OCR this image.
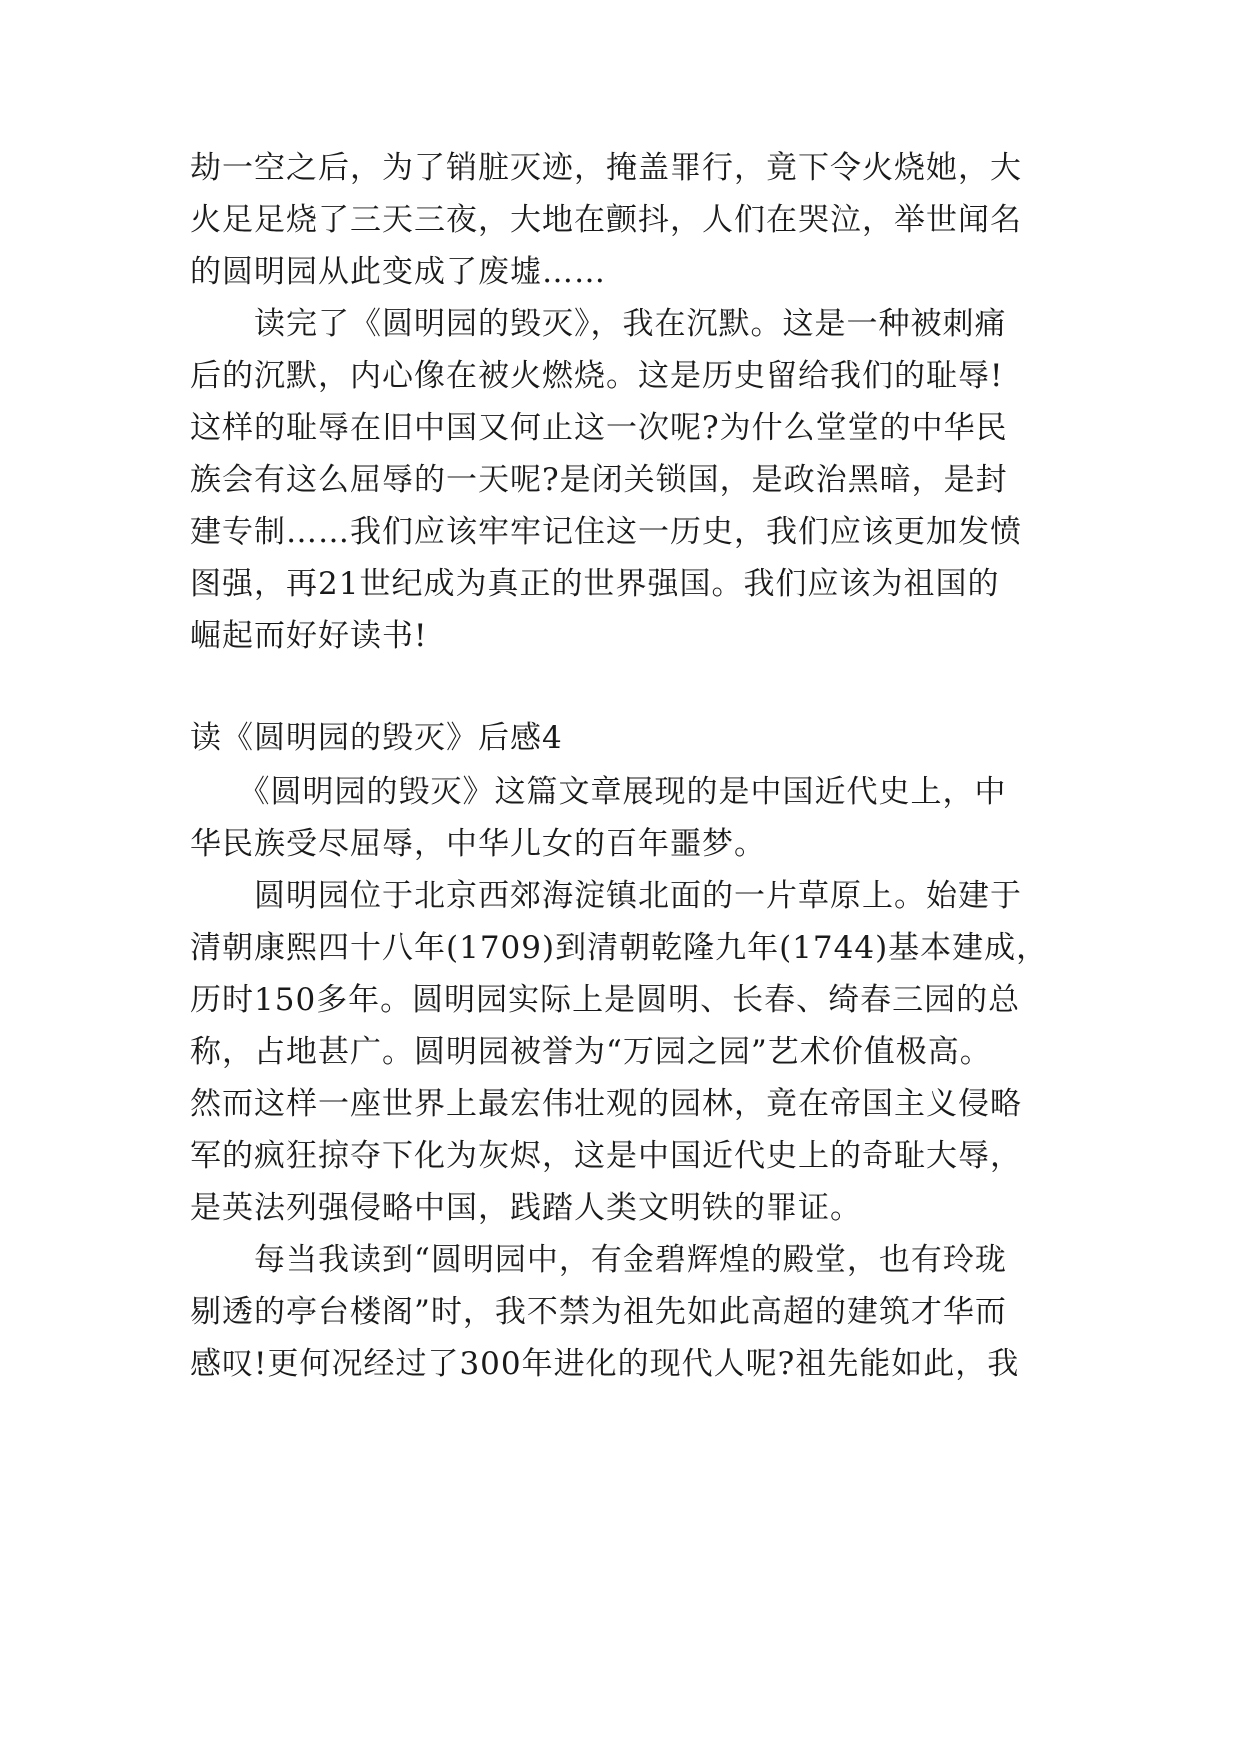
劫一空之后，为了销脏灭迹，掩盖罪行，竟下令火烧她，大
火足足烧了三天三夜，大地在颤抖，人们在哭泣，举世闻名
的圆明园从此变成了废墟……
　　读完了《圆明园的毁灭》，我在沉默。这是一种被刺痛
后的沉默，内心像在被火燃烧。这是历史留给我们的耻辱!
这样的耻辱在旧中国又何止这一次呢?为什么堂堂的中华民
族会有这么屈辱的一天呢?是闭关锁国，是政治黑暗，是封
建专制……我们应该牢牢记住这一历史，我们应该更加发愤
图强，再21世纪成为真正的世界强国。我们应该为祖国的
崛起而好好读书!
读《圆明园的毁灭》后感4
　　《圆明园的毁灭》这篇文章展现的是中国近代史上，中
华民族受尽屈辱，中华儿女的百年噩梦。
　　圆明园位于北京西郊海淀镇北面的一片草原上。始建于
清朝康熙四十八年(1709)到清朝乾隆九年(1744)基本建成，
历时150多年。圆明园实际上是圆明、长春、绮春三园的总
称，占地甚广。圆明园被誉为“万园之园”艺术价值极高。
然而这样一座世界上最宏伟壮观的园林，竟在帝国主义侵略
军的疯狂掠夺下化为灰烬，这是中国近代史上的奇耻大辱，
是英法列强侵略中国，践踏人类文明铁的罪证。
　　每当我读到“圆明园中，有金碧辉煌的殿堂，也有玲珑
剔透的亭台楼阁”时，我不禁为祖先如此高超的建筑才华而
感叹!更何况经过了300年进化的现代人呢?祖先能如此，我
